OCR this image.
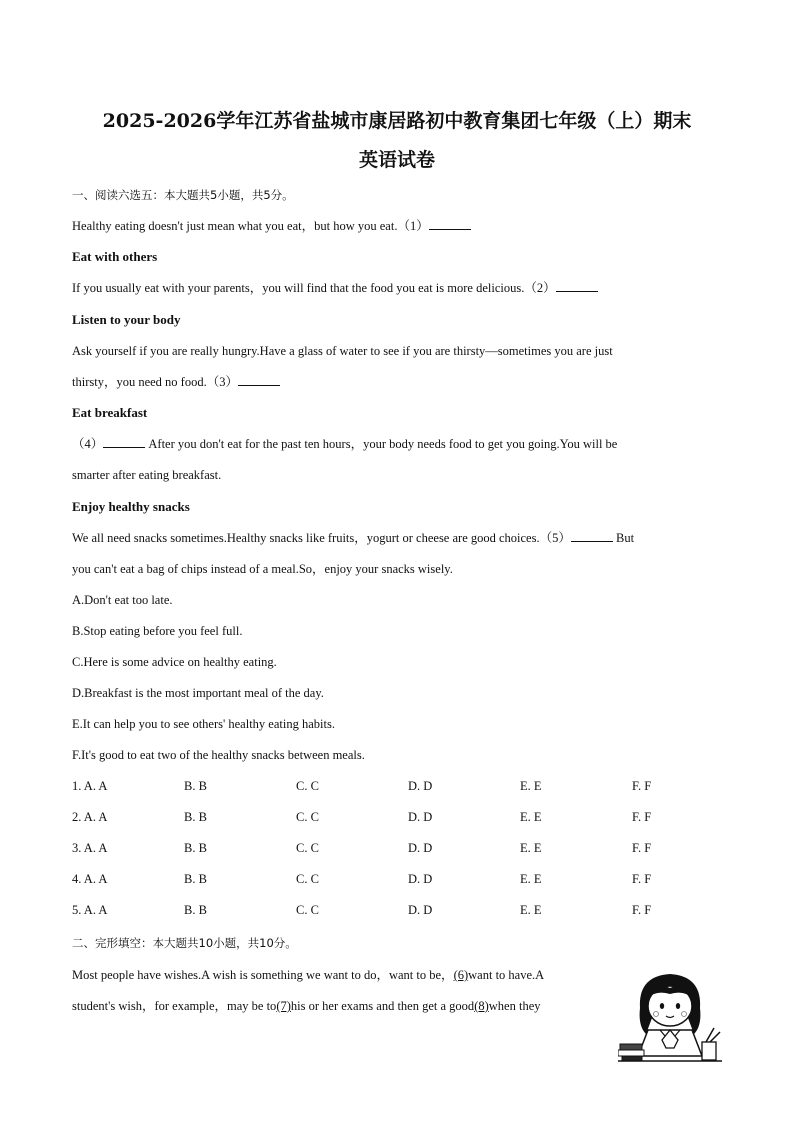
2025-2026学年江苏省盐城市康居路初中教育集团七年级（上）期末
英语试卷
一、阅读六选五：本大题共5小题，共5分。
Healthy eating doesn't just mean what you eat，but how you eat.（1）
Eat with others
If you usually eat with your parents，you will find that the food you eat is more delicious.（2）
Listen to your body
Ask yourself if you are really hungry.Have a glass of water to see if you are thirsty—sometimes you are just
thirsty，you need no food.（3）
Eat breakfast
（4）	After you don't eat for the past ten hours，your body needs food to get you going.You will be
smarter after eating breakfast.
Enjoy healthy snacks
We all need snacks sometimes.Healthy snacks like fruits，yogurt or cheese are good choices.（5）	But
you can't eat a bag of chips instead of a meal.So，enjoy your snacks wisely.
A.Don't eat too late.
B.Stop eating before you feel full.
C.Here is some advice on healthy eating.
D.Breakfast is the most important meal of the day.
E.It can help you to see others' healthy eating habits.
F.It's good to eat two of the healthy snacks between meals.
1. A. A	B. B	C. C	D. D	E. E	F. F
2. A. A	B. B	C. C	D. D	E. E	F. F
3. A. A	B. B	C. C	D. D	E. E	F. F
4. A. A	B. B	C. C	D. D	E. E	F. F
5. A. A	B. B	C. C	D. D	E. E	F. F
二、完形填空：本大题共10小题，共10分。
Most people have wishes.A wish is something we want to do，want to be，(6)want to have.A
student's wish，for example，may be to(7)his or her exams and then get a good(8)when they
